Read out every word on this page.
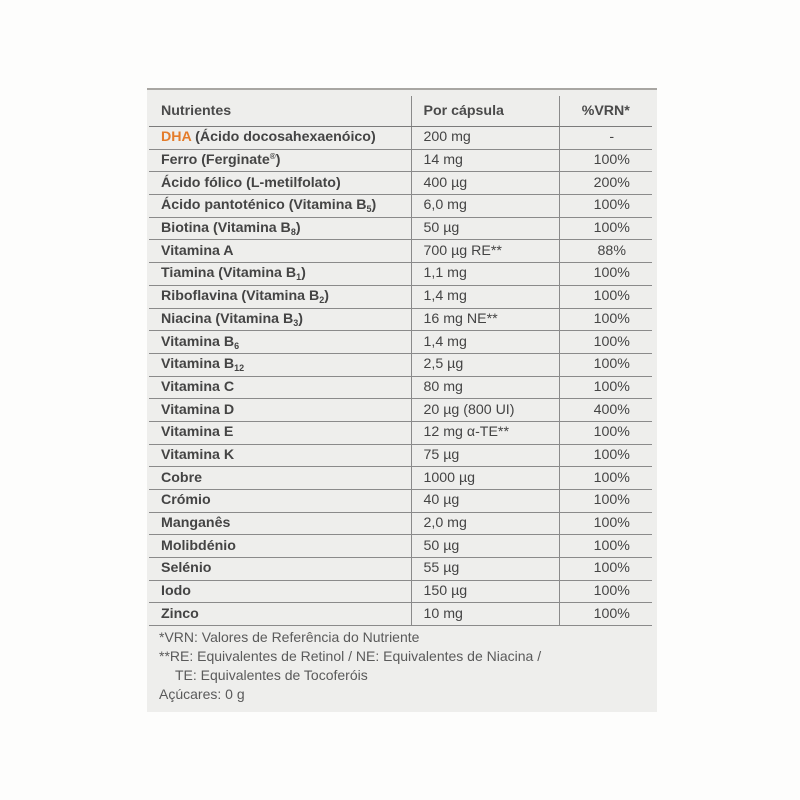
Nutrientes	Por cápsula	%VRN*
DHA (Ácido docosahexaenóico)	200 mg	-
Ferro (Ferginate®)	14 mg	100%
Ácido fólico (L-metilfolato)	400 µg	200%
Ácido pantoténico (Vitamina $B_5$)	6,0 mg	100%
Biotina (Vitamina $B_8$)	50 µg	100%
Vitamina A	700 µg RE**	88%
Tiamina (Vitamina $B_1$)	1,1 mg	100%
Riboflavina (Vitamina $B_2$)	1,4 mg	100%
Niacina (Vitamina $B_3$)	16 mg NE**	100%
Vitamina $B_6$	1,4 mg	100%
Vitamina $B_{12}$	2,5 µg	100%
Vitamina C	80 mg	100%
Vitamina D	20 µg (800 UI)	400%
Vitamina E	12 mg α-TE**	100%
Vitamina K	75 µg	100%
Cobre	1000 µg	100%
Crómio	40 µg	100%
Manganês	2,0 mg	100%
Molibdénio	50 µg	100%
Selénio	55 µg	100%
Iodo	150 µg	100%
Zinco	10 mg	100%
*VRN: Valores de Referência do Nutriente
**RE: Equivalentes de Retinol / NE: Equivalentes de Niacina /
TE: Equivalentes de Tocoferóis
Açúcares: 0 g
